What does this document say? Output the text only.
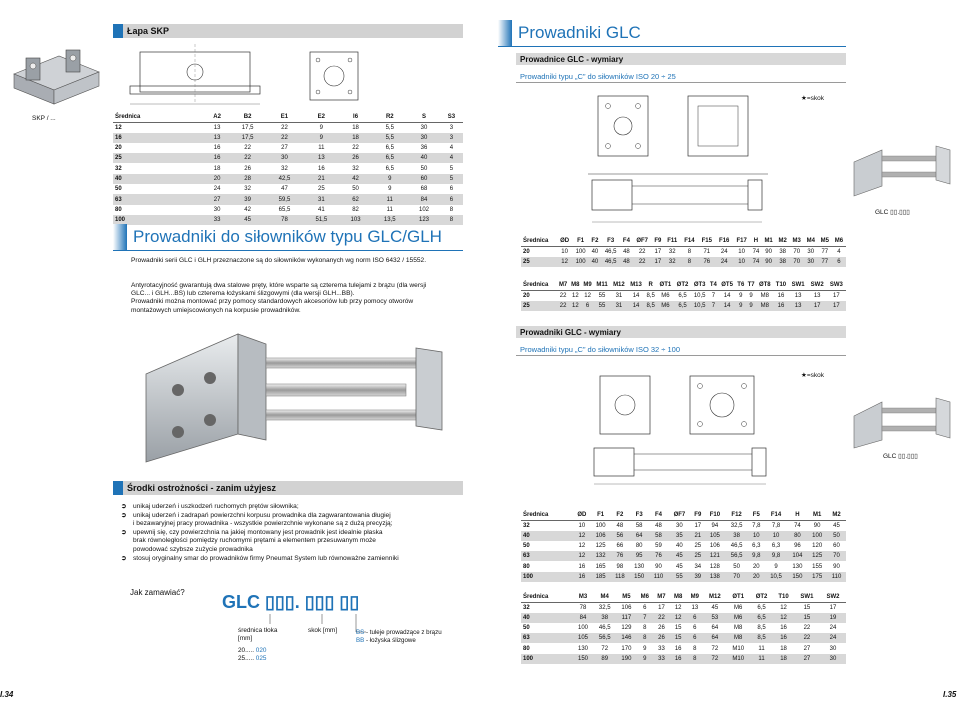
Łapa SKP
SKP / ...	Średnica	A2	B2	E1	E2	I6	R2	S	S3
12	13	17,5	22	9	18	5,5	30	3
16	13	17,5	22	9	18	5,5	30	3
20	16	22	27	11	22	6,5	36	4
25	16	22	30	13	26	6,5	40	4
32	18	26	32	16	32	6,5	50	5
40	20	28	42,5	21	42	9	60	5
50	24	32	47	25	50	9	68	6
63	27	39	59,5	31	62	11	84	6
80	30	42	65,5	41	82	11	102	8
100	33	45	78	51,5	103	13,5	123	8
Prowadniki do siłowników typu GLC/GLH
Prowadniki serii GLC i GLH przeznaczone są do siłowników wykonanych wg norm ISO 6432 / 15552.
Antyrotacyjność gwarantują dwa stalowe pręty, które wsparte są czterema tulejami z brązu (dla wersji
GLC... i GLH...BS) lub czterema łożyskami ślizgowymi (dla wersji GLH...BB).
Prowadniki można montować przy pomocy standardowych akcesoriów lub przy pomocy otworów
montażowych umiejscowionych na korpusie prowadników.
Środki ostrożności - zanim użyjesz
➲ unikaj uderzeń i uszkodzeń ruchomych prętów siłownika;
➲ unikaj uderzeń i zadrapań powierzchni korpusu prowadnika dla zagwarantowania długiej
i bezawaryjnej pracy prowadnika - wszystkie powierzchnie wykonane są z dużą precyzją;
➲ upewnij się, czy powierzchnia na jakiej montowany jest prowadnik jest idealnie płaska
brak równoległości pomiędzy ruchomymi prętami a elementem przesuwanym może
powodować szybsze zużycie prowadnika
➲ stosuj oryginalny smar do prowadników firmy Pneumat System lub równoważne zamienniki
Jak zamawiać? GLC ▯▯▯. ▯▯▯ ▯▯
średnica tłoka
[mm]
20..... 020
25..... 025
skok [mm]	BS - tuleje prowadzące z brązu
BB - łożyska ślizgowe
I.34
Prowadniki GLC
Prowadnice GLC - wymiary
Prowadniki typu „C” do siłowników ISO 20 ÷ 25
★=skok
GLC ▯▯.▯▯▯
Średnica	ØD	F1	F2	F3	F4	ØF7	F9	F11	F14	F15	F16	F17	H	M1	M2	M3	M4	M5	M6
20	10	100	40	46,5	48	22	17	32	8	71	24	10	74	90	38	70	30	77	4
25	12	100	40	46,5	48	22	17	32	8	76	24	10	74	90	38	70	30	77	6
Średnica	M7	M8	M9	M11	M12	M13	R	ØT1	ØT2	ØT3	T4	ØT5	T6	T7	ØT8	T10	SW1	SW2	SW3
20	22	12	12	55	31	14	8,5	M6	6,5	10,5	7	14	9	9	M8	16	13	13	17
25	22	12	6	55	31	14	8,5	M6	6,5	10,5	7	14	9	9	M8	16	13	17	17
Prowadniki GLC - wymiary
Prowadniki typu „C” do siłowników ISO 32 ÷ 100
★=skok
GLC ▯▯.▯▯▯
Średnica	ØD	F1	F2	F3	F4	ØF7	F9	F10	F12	F5	F14	H	M1	M2
32	10	100	48	58	48	30	17	94	32,5	7,8	7,8	74	90	45
40	12	106	56	64	58	35	21	105	38	10	10	80	100	50
50	12	125	66	80	59	40	25	106	46,5	6,3	6,3	96	120	60
63	12	132	76	95	76	45	25	121	56,5	9,8	9,8	104	125	70
80	16	165	98	130	90	45	34	128	50	20	9	130	155	90
100	16	185	118	150	110	55	39	138	70	20	10,5	150	175	110
Średnica	M3	M4	M5	M6	M7	M8	M9	M12	ØT1	ØT2	T10	SW1	SW2
32	78	32,5	106	6	17	12	13	45	M6	6,5	12	15	17
40	84	38	117	7	22	12	6	53	M6	6,5	12	15	19
50	100	46,5	129	8	26	15	6	64	M8	8,5	16	22	24
63	105	56,5	146	8	26	15	6	64	M8	8,5	16	22	24
80	130	72	170	9	33	16	8	72	M10	11	18	27	30
100	150	89	190	9	33	16	8	72	M10	11	18	27	30
I.35
